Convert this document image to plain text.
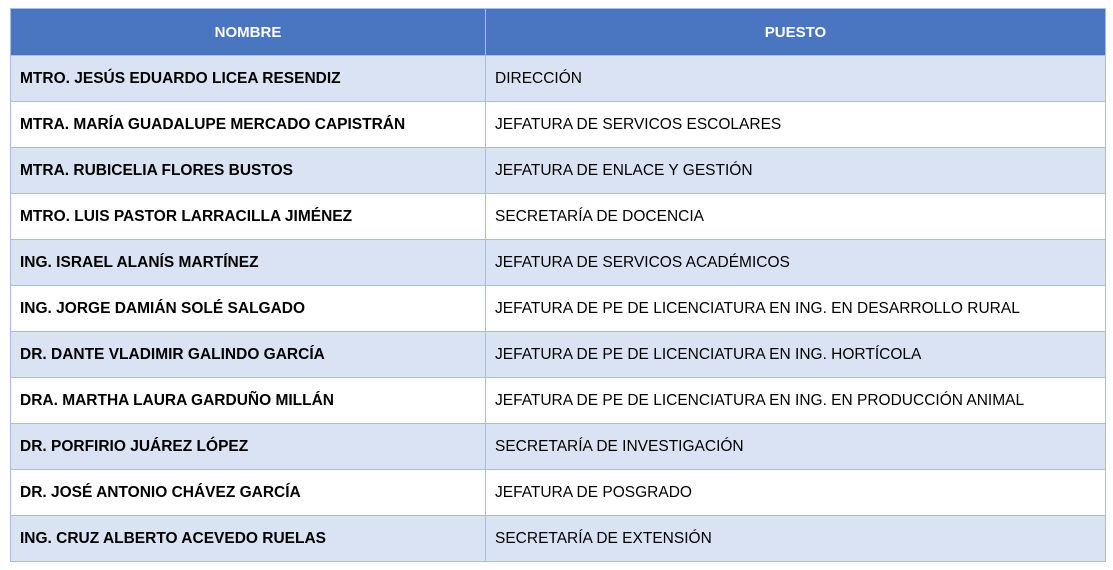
NOMBRE	PUESTO
MTRO. JESÚS EDUARDO LICEA RESENDIZ	DIRECCIÓN
MTRA. MARÍA GUADALUPE MERCADO CAPISTRÁN	JEFATURA DE SERVICOS ESCOLARES
MTRA. RUBICELIA FLORES BUSTOS	JEFATURA DE ENLACE Y GESTIÓN
MTRO. LUIS PASTOR LARRACILLA JIMÉNEZ	SECRETARÍA DE DOCENCIA
ING. ISRAEL ALANÍS MARTÍNEZ	JEFATURA DE SERVICOS ACADÉMICOS
ING. JORGE DAMIÁN SOLÉ SALGADO	JEFATURA DE PE DE LICENCIATURA EN ING. EN DESARROLLO RURAL
DR. DANTE VLADIMIR GALINDO GARCÍA	JEFATURA DE PE DE LICENCIATURA EN ING. HORTÍCOLA
DRA. MARTHA LAURA GARDUÑO MILLÁN	JEFATURA DE PE DE LICENCIATURA EN ING. EN PRODUCCIÓN ANIMAL
DR. PORFIRIO JUÁREZ LÓPEZ	SECRETARÍA DE INVESTIGACIÓN
DR. JOSÉ ANTONIO CHÁVEZ GARCÍA	JEFATURA DE POSGRADO
ING. CRUZ ALBERTO ACEVEDO RUELAS	SECRETARÍA DE EXTENSIÓN
